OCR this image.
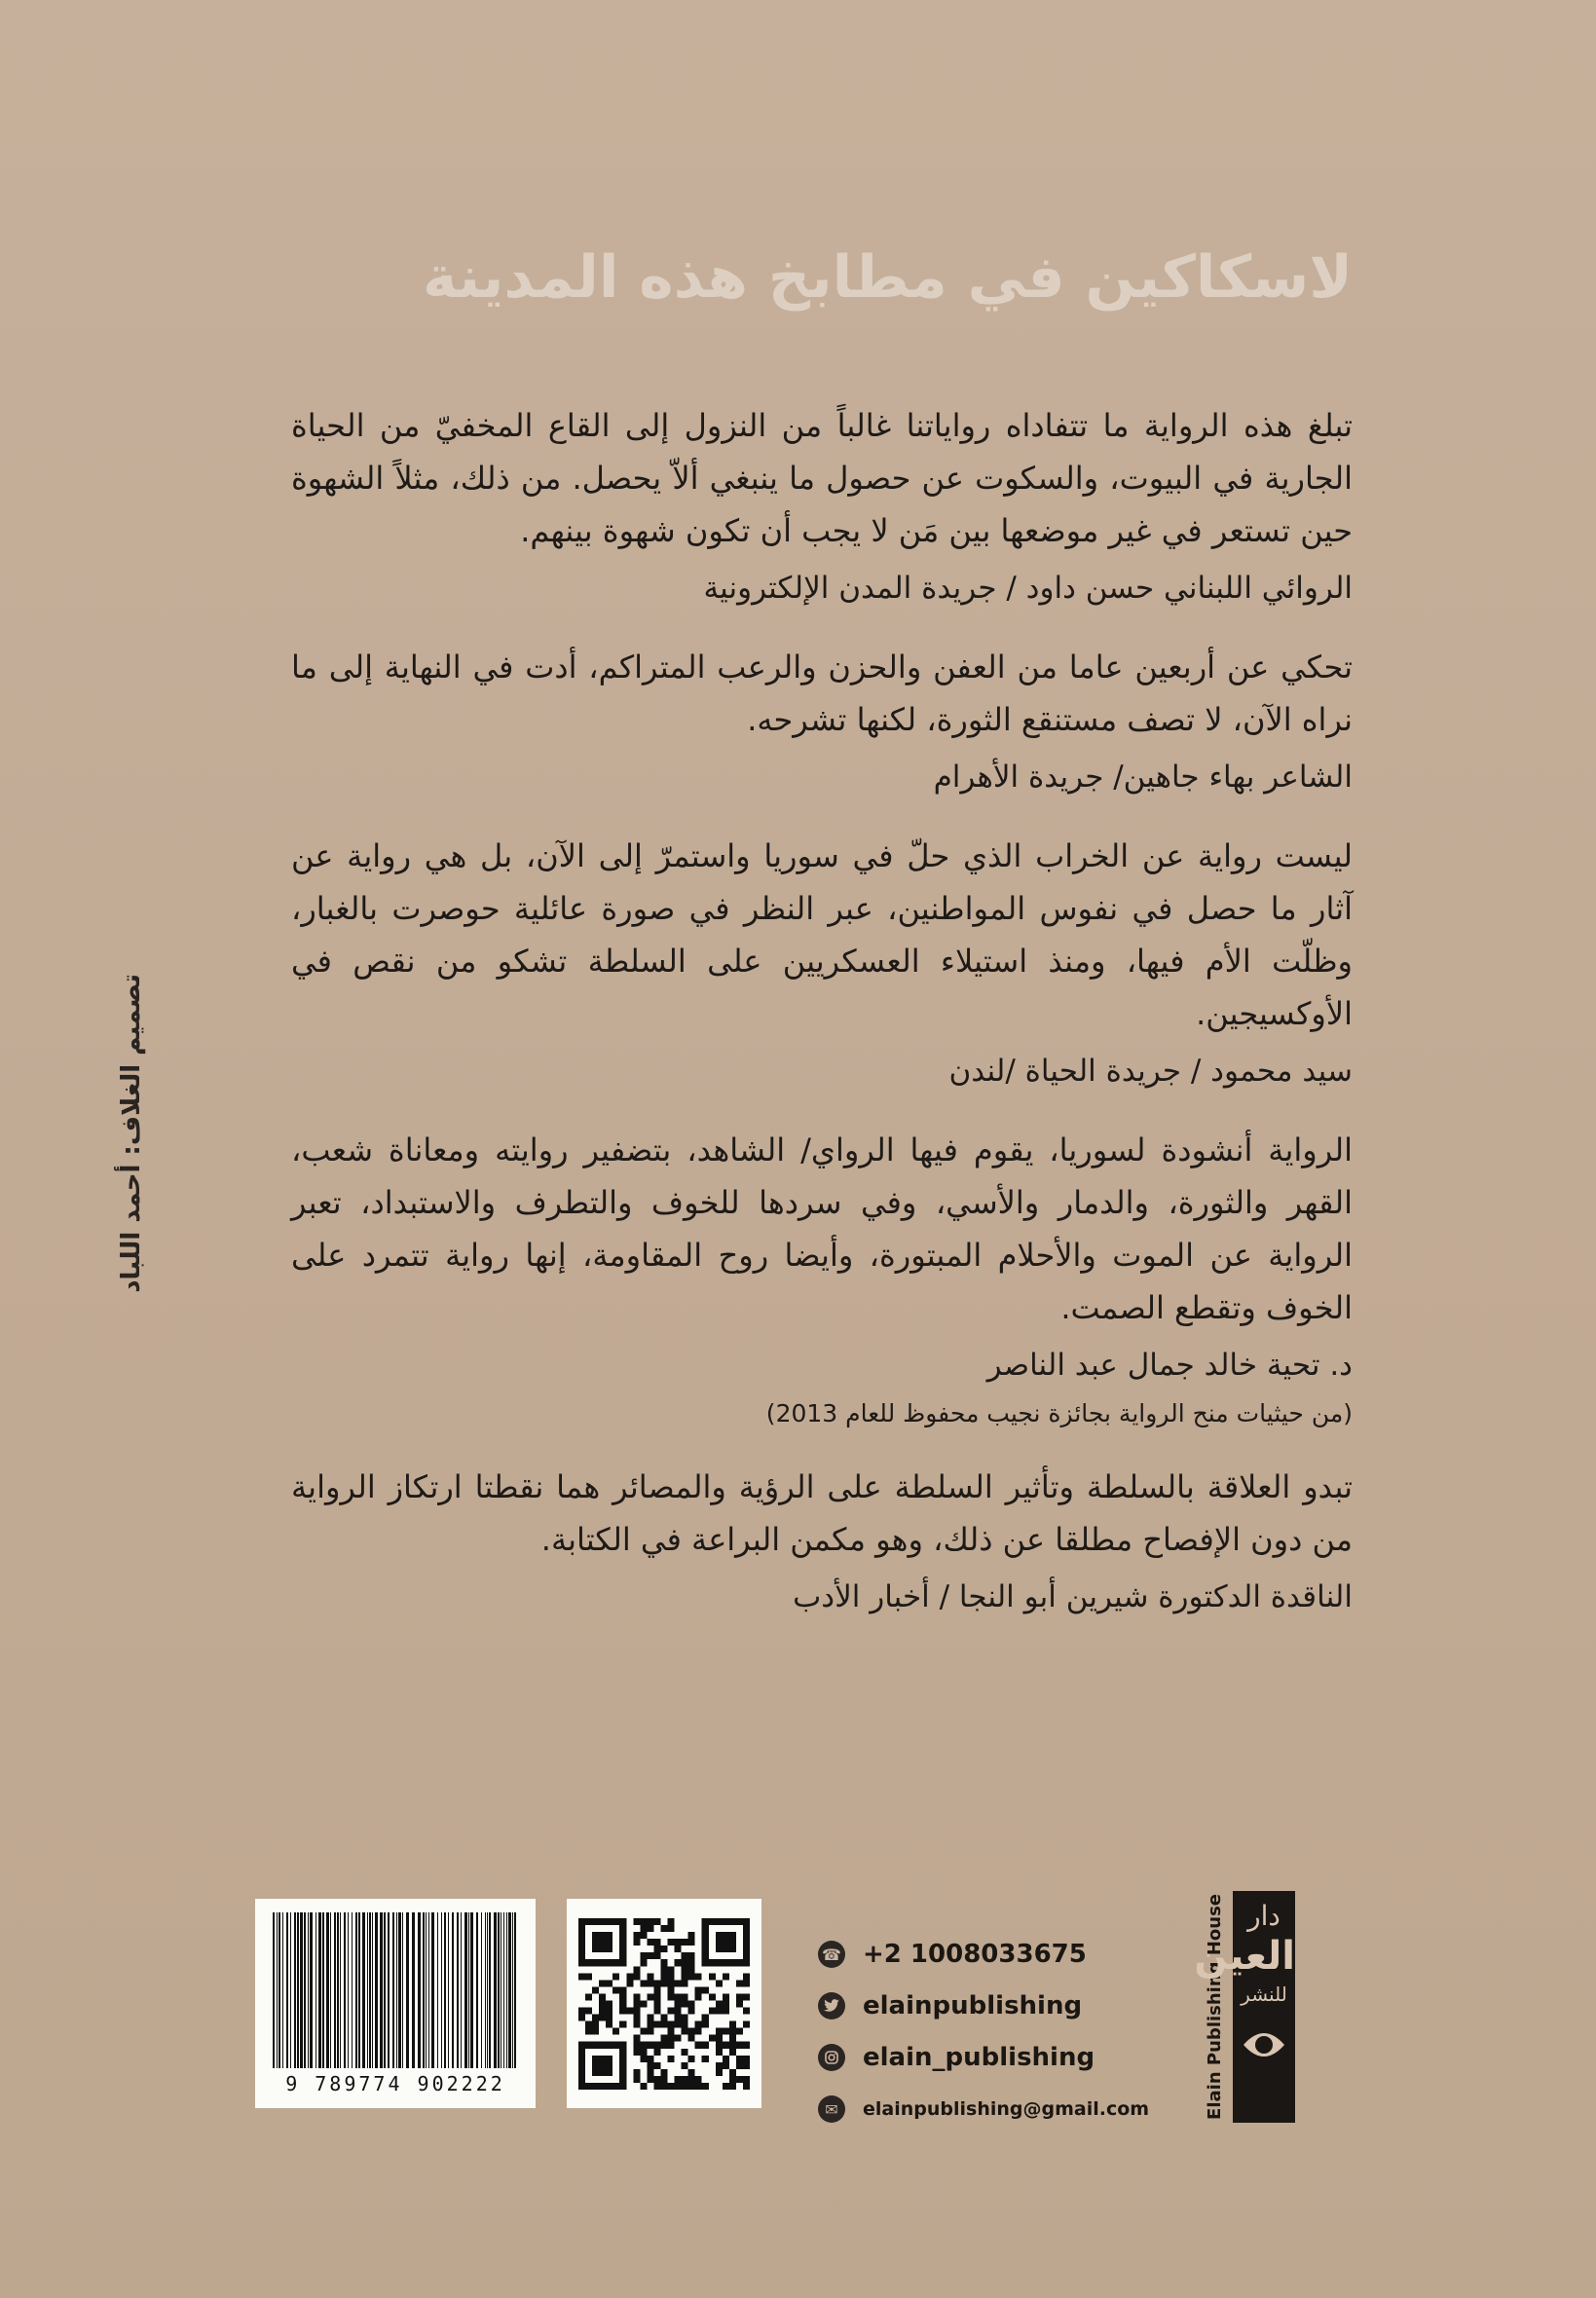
لاسكاكين في مطابخ هذه المدينة

تبلغ هذه الرواية ما تتفاداه رواياتنا غالباً من النزول إلى القاع المخفيّ من الحياة الجارية في البيوت، والسكوت عن حصول ما ينبغي ألاّ يحصل. من ذلك، مثلاً الشهوة حين تستعر في غير موضعها بين مَن لا يجب أن تكون شهوة بينهم.

الروائي اللبناني حسن داود / جريدة المدن الإلكترونية

تحكي عن أربعين عاما من العفن والحزن والرعب المتراكم، أدت في النهاية إلى ما نراه الآن، لا تصف مستنقع الثورة، لكنها تشرحه.

الشاعر بهاء جاهين/ جريدة الأهرام

ليست رواية عن الخراب الذي حلّ في سوريا واستمرّ إلى الآن، بل هي رواية عن آثار ما حصل في نفوس المواطنين، عبر النظر في صورة عائلية حوصرت بالغبار، وظلّت الأم فيها، ومنذ استيلاء العسكريين على السلطة تشكو من نقص في الأوكسيجين.

سيد محمود / جريدة الحياة /لندن

الرواية أنشودة لسوريا، يقوم فيها الرواي/ الشاهد، بتضفير روايته ومعاناة شعب، القهر والثورة، والدمار والأسي، وفي سردها للخوف والتطرف والاستبداد، تعبر الرواية عن الموت والأحلام المبتورة، وأيضا روح المقاومة، إنها رواية تتمرد على الخوف وتقطع الصمت.

د. تحية خالد جمال عبد الناصر

(من حيثيات منح الرواية بجائزة نجيب محفوظ للعام 2013)

تبدو العلاقة بالسلطة وتأثير السلطة على الرؤية والمصائر هما نقطتا ارتكاز الرواية من دون الإفصاح مطلقا عن ذلك، وهو مكمن البراعة في الكتابة.

الناقدة الدكتورة شيرين أبو النجا / أخبار الأدب

تصميم الغلاف: أحمد اللباد
9 789774 902222
☎ +2 1008033675
elainpublishing
elain_publishing
✉	elainpublishing@gmail.com	Elain Publishing House دار
العين
للنشر
